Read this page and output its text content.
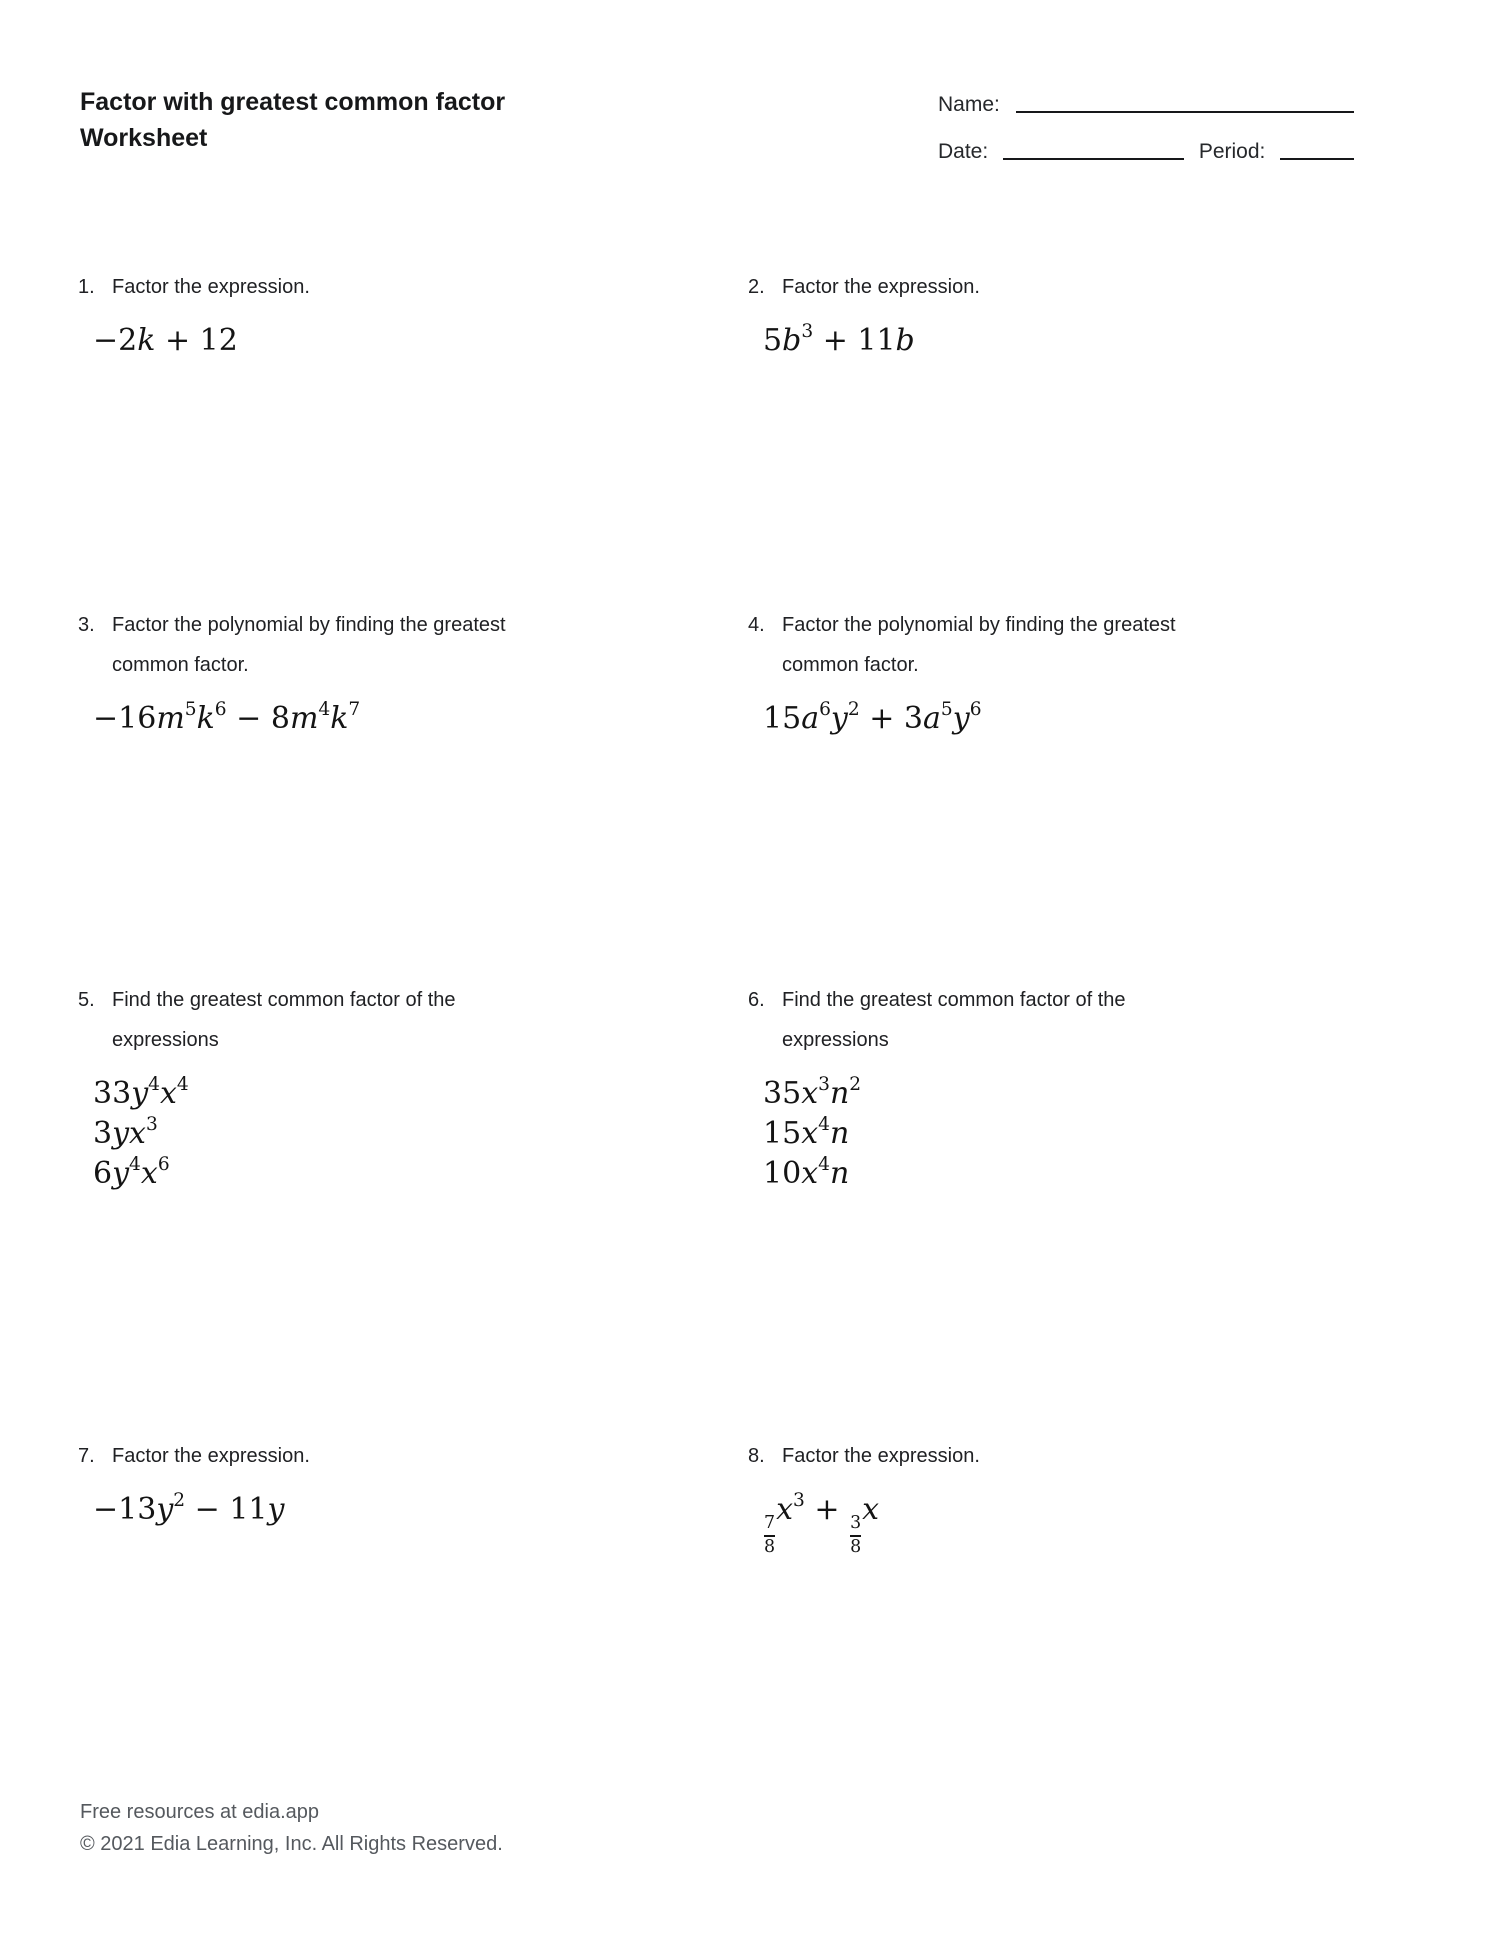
Factor with greatest common factor
Worksheet
Name:
Date:	Period:
1. Factor the expression.
−2k + 12
2. Factor the expression.
$5b^3 + 11b$
3. Factor the polynomial by finding the greatest
common factor.
$-16m^5k^6 - 8m^4k^7$
4. Factor the polynomial by finding the greatest
common factor.
$15a^6y^2 + 3a^5y^6$
5. Find the greatest common factor of the
expressions
$33y^4x^4$
$3yx^3$
$6y^4x^6$
6. Find the greatest common factor of the
expressions
$35x^3n^2$
$15x^4n$
$10x^4n$
7. Factor the expression.
$-13y^2 - 11y$
8. Factor the expression.
$\frac{7}{8}$
$x^3$ +
$\frac{3}{8}$
x
Free resources at edia.app
© 2021 Edia Learning, Inc. All Rights Reserved.
